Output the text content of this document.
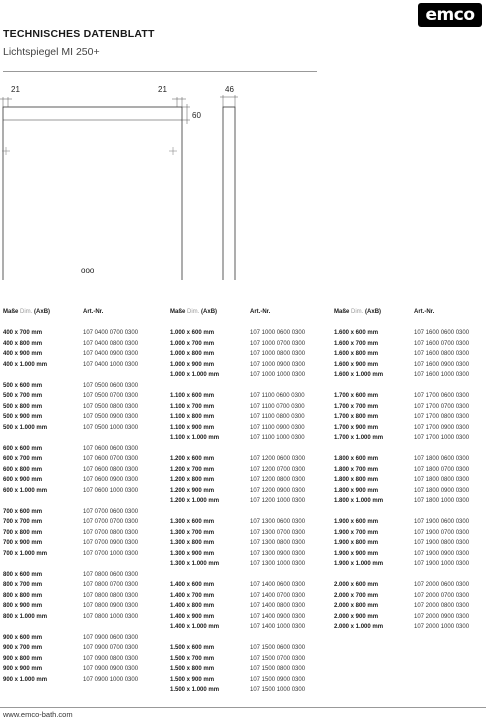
TECHNISCHES DATENBLATT
Lichtspiegel MI 250+
emco
21	21
60
ooo
46
Maße Dim. (AxB)	Art.-Nr.
400 x 700 mm	107 0400 0700 0300
400 x 800 mm	107 0400 0800 0300
400 x 900 mm	107 0400 0900 0300
400 x 1.000 mm	107 0400 1000 0300
500 x 600 mm	107 0500 0600 0300
500 x 700 mm	107 0500 0700 0300
500 x 800 mm	107 0500 0800 0300
500 x 900 mm	107 0500 0900 0300
500 x 1.000 mm	107 0500 1000 0300
600 x 600 mm	107 0600 0600 0300
600 x 700 mm	107 0600 0700 0300
600 x 800 mm	107 0600 0800 0300
600 x 900 mm	107 0600 0900 0300
600 x 1.000 mm	107 0600 1000 0300
700 x 600 mm	107 0700 0600 0300
700 x 700 mm	107 0700 0700 0300
700 x 800 mm	107 0700 0800 0300
700 x 900 mm	107 0700 0900 0300
700 x 1.000 mm	107 0700 1000 0300
800 x 600 mm	107 0800 0600 0300
800 x 700 mm	107 0800 0700 0300
800 x 800 mm	107 0800 0800 0300
800 x 900 mm	107 0800 0900 0300
800 x 1.000 mm	107 0800 1000 0300
900 x 600 mm	107 0900 0600 0300
900 x 700 mm	107 0900 0700 0300
900 x 800 mm	107 0900 0800 0300
900 x 900 mm	107 0900 0900 0300
900 x 1.000 mm	107 0900 1000 0300
Maße Dim. (AxB)	Art.-Nr.
1.000 x 600 mm	107 1000 0600 0300
1.000 x 700 mm	107 1000 0700 0300
1.000 x 800 mm	107 1000 0800 0300
1.000 x 900 mm	107 1000 0900 0300
1.000 x 1.000 mm	107 1000 1000 0300
1.100 x 600 mm	107 1100 0600 0300
1.100 x 700 mm	107 1100 0700 0300
1.100 x 800 mm	107 1100 0800 0300
1.100 x 900 mm	107 1100 0900 0300
1.100 x 1.000 mm	107 1100 1000 0300
1.200 x 600 mm	107 1200 0600 0300
1.200 x 700 mm	107 1200 0700 0300
1.200 x 800 mm	107 1200 0800 0300
1.200 x 900 mm	107 1200 0900 0300
1.200 x 1.000 mm	107 1200 1000 0300
1.300 x 600 mm	107 1300 0600 0300
1.300 x 700 mm	107 1300 0700 0300
1.300 x 800 mm	107 1300 0800 0300
1.300 x 900 mm	107 1300 0900 0300
1.300 x 1.000 mm	107 1300 1000 0300
1.400 x 600 mm	107 1400 0600 0300
1.400 x 700 mm	107 1400 0700 0300
1.400 x 800 mm	107 1400 0800 0300
1.400 x 900 mm	107 1400 0900 0300
1.400 x 1.000 mm	107 1400 1000 0300
1.500 x 600 mm	107 1500 0600 0300
1.500 x 700 mm	107 1500 0700 0300
1.500 x 800 mm	107 1500 0800 0300
1.500 x 900 mm	107 1500 0900 0300
1.500 x 1.000 mm	107 1500 1000 0300
Maße Dim. (AxB)	Art.-Nr.
1.600 x 600 mm	107 1600 0600 0300
1.600 x 700 mm	107 1600 0700 0300
1.600 x 800 mm	107 1600 0800 0300
1.600 x 900 mm	107 1600 0900 0300
1.600 x 1.000 mm	107 1600 1000 0300
1.700 x 600 mm	107 1700 0600 0300
1.700 x 700 mm	107 1700 0700 0300
1.700 x 800 mm	107 1700 0800 0300
1.700 x 900 mm	107 1700 0900 0300
1.700 x 1.000 mm	107 1700 1000 0300
1.800 x 600 mm	107 1800 0600 0300
1.800 x 700 mm	107 1800 0700 0300
1.800 x 800 mm	107 1800 0800 0300
1.800 x 900 mm	107 1800 0900 0300
1.800 x 1.000 mm	107 1800 1000 0300
1.900 x 600 mm	107 1900 0600 0300
1.900 x 700 mm	107 1900 0700 0300
1.900 x 800 mm	107 1900 0800 0300
1.900 x 900 mm	107 1900 0900 0300
1.900 x 1.000 mm	107 1900 1000 0300
2.000 x 600 mm	107 2000 0600 0300
2.000 x 700 mm	107 2000 0700 0300
2.000 x 800 mm	107 2000 0800 0300
2.000 x 900 mm	107 2000 0900 0300
2.000 x 1.000 mm	107 2000 1000 0300
www.emco-bath.com
